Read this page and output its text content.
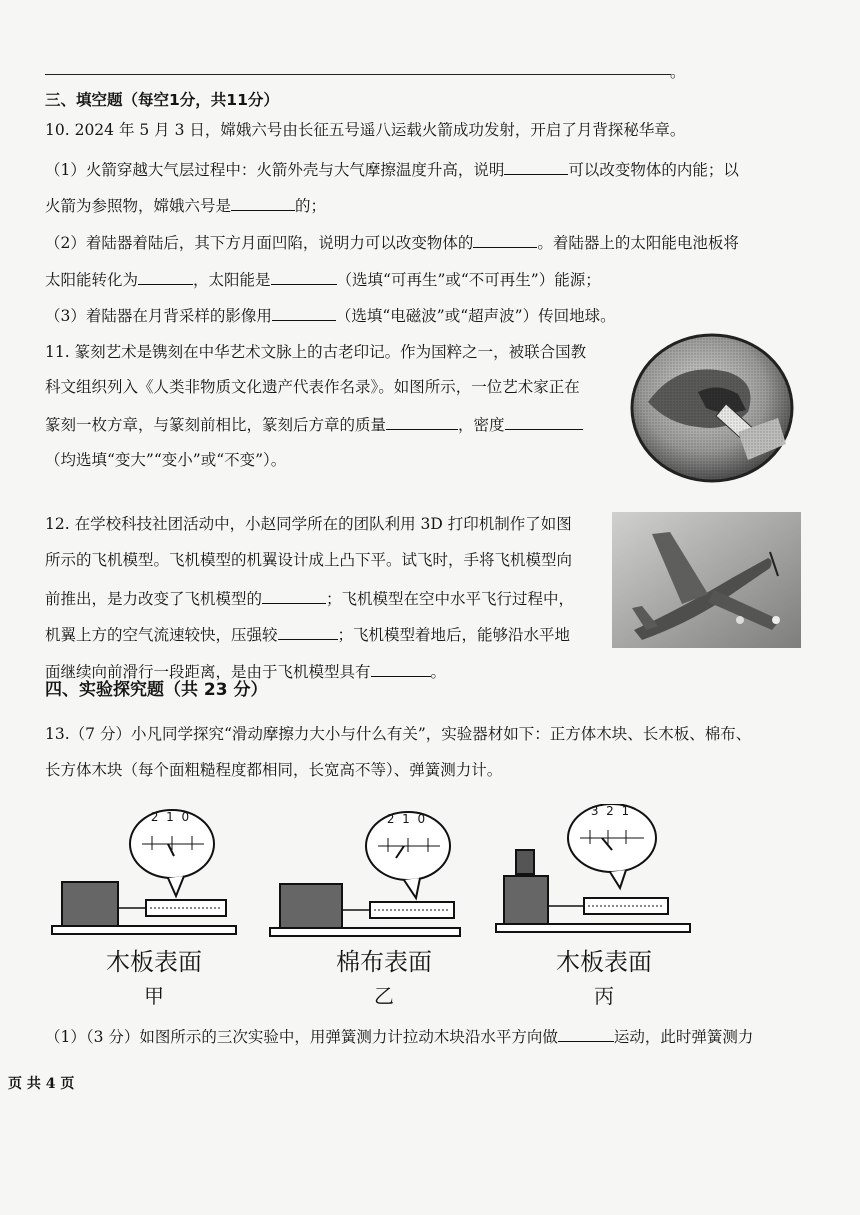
。
三、填空题（每空1分，共11分）
10. 2024 年 5 月 3 日，嫦娥六号由长征五号遥八运载火箭成功发射，开启了月背探秘华章。
（1）火箭穿越大气层过程中：火箭外壳与大气摩擦温度升高，说明	可以改变物体的内能；以
火箭为参照物，嫦娥六号是	的；
（2）着陆器着陆后，其下方月面凹陷，说明力可以改变物体的	。着陆器上的太阳能电池板将
太阳能转化为	，太阳能是	（选填“可再生”或“不可再生”）能源；
（3）着陆器在月背采样的影像用	（选填“电磁波”或“超声波”）传回地球。
11. 篆刻艺术是镌刻在中华艺术文脉上的古老印记。作为国粹之一，被联合国教
科文组织列入《人类非物质文化遗产代表作名录》。如图所示，一位艺术家正在
篆刻一枚方章，与篆刻前相比，篆刻后方章的质量	，密度
（均选填“变大”“变小”或“不变”）。
12. 在学校科技社团活动中，小赵同学所在的团队利用 3D 打印机制作了如图
所示的飞机模型。飞机模型的机翼设计成上凸下平。试飞时，手将飞机模型向
前推出，是力改变了飞机模型的	；飞机模型在空中水平飞行过程中，
机翼上方的空气流速较快，压强较	；飞机模型着地后，能够沿水平地
面继续向前滑行一段距离，是由于飞机模型具有	。
四、实验探究题（共 23 分）
13.（7 分）小凡同学探究“滑动摩擦力大小与什么有关”，实验器材如下：正方体木块、长木板、棉布、
长方体木块（每个面粗糙程度都相同，长宽高不等）、弹簧测力计。
2 1 0	2 1 0
3 2 1
木板表面	棉布表面	木板表面
甲	乙	丙
（1）（3 分）如图所示的三次实验中，用弹簧测力计拉动木块沿水平方向做	运动，此时弹簧测力
页 共 4 页
